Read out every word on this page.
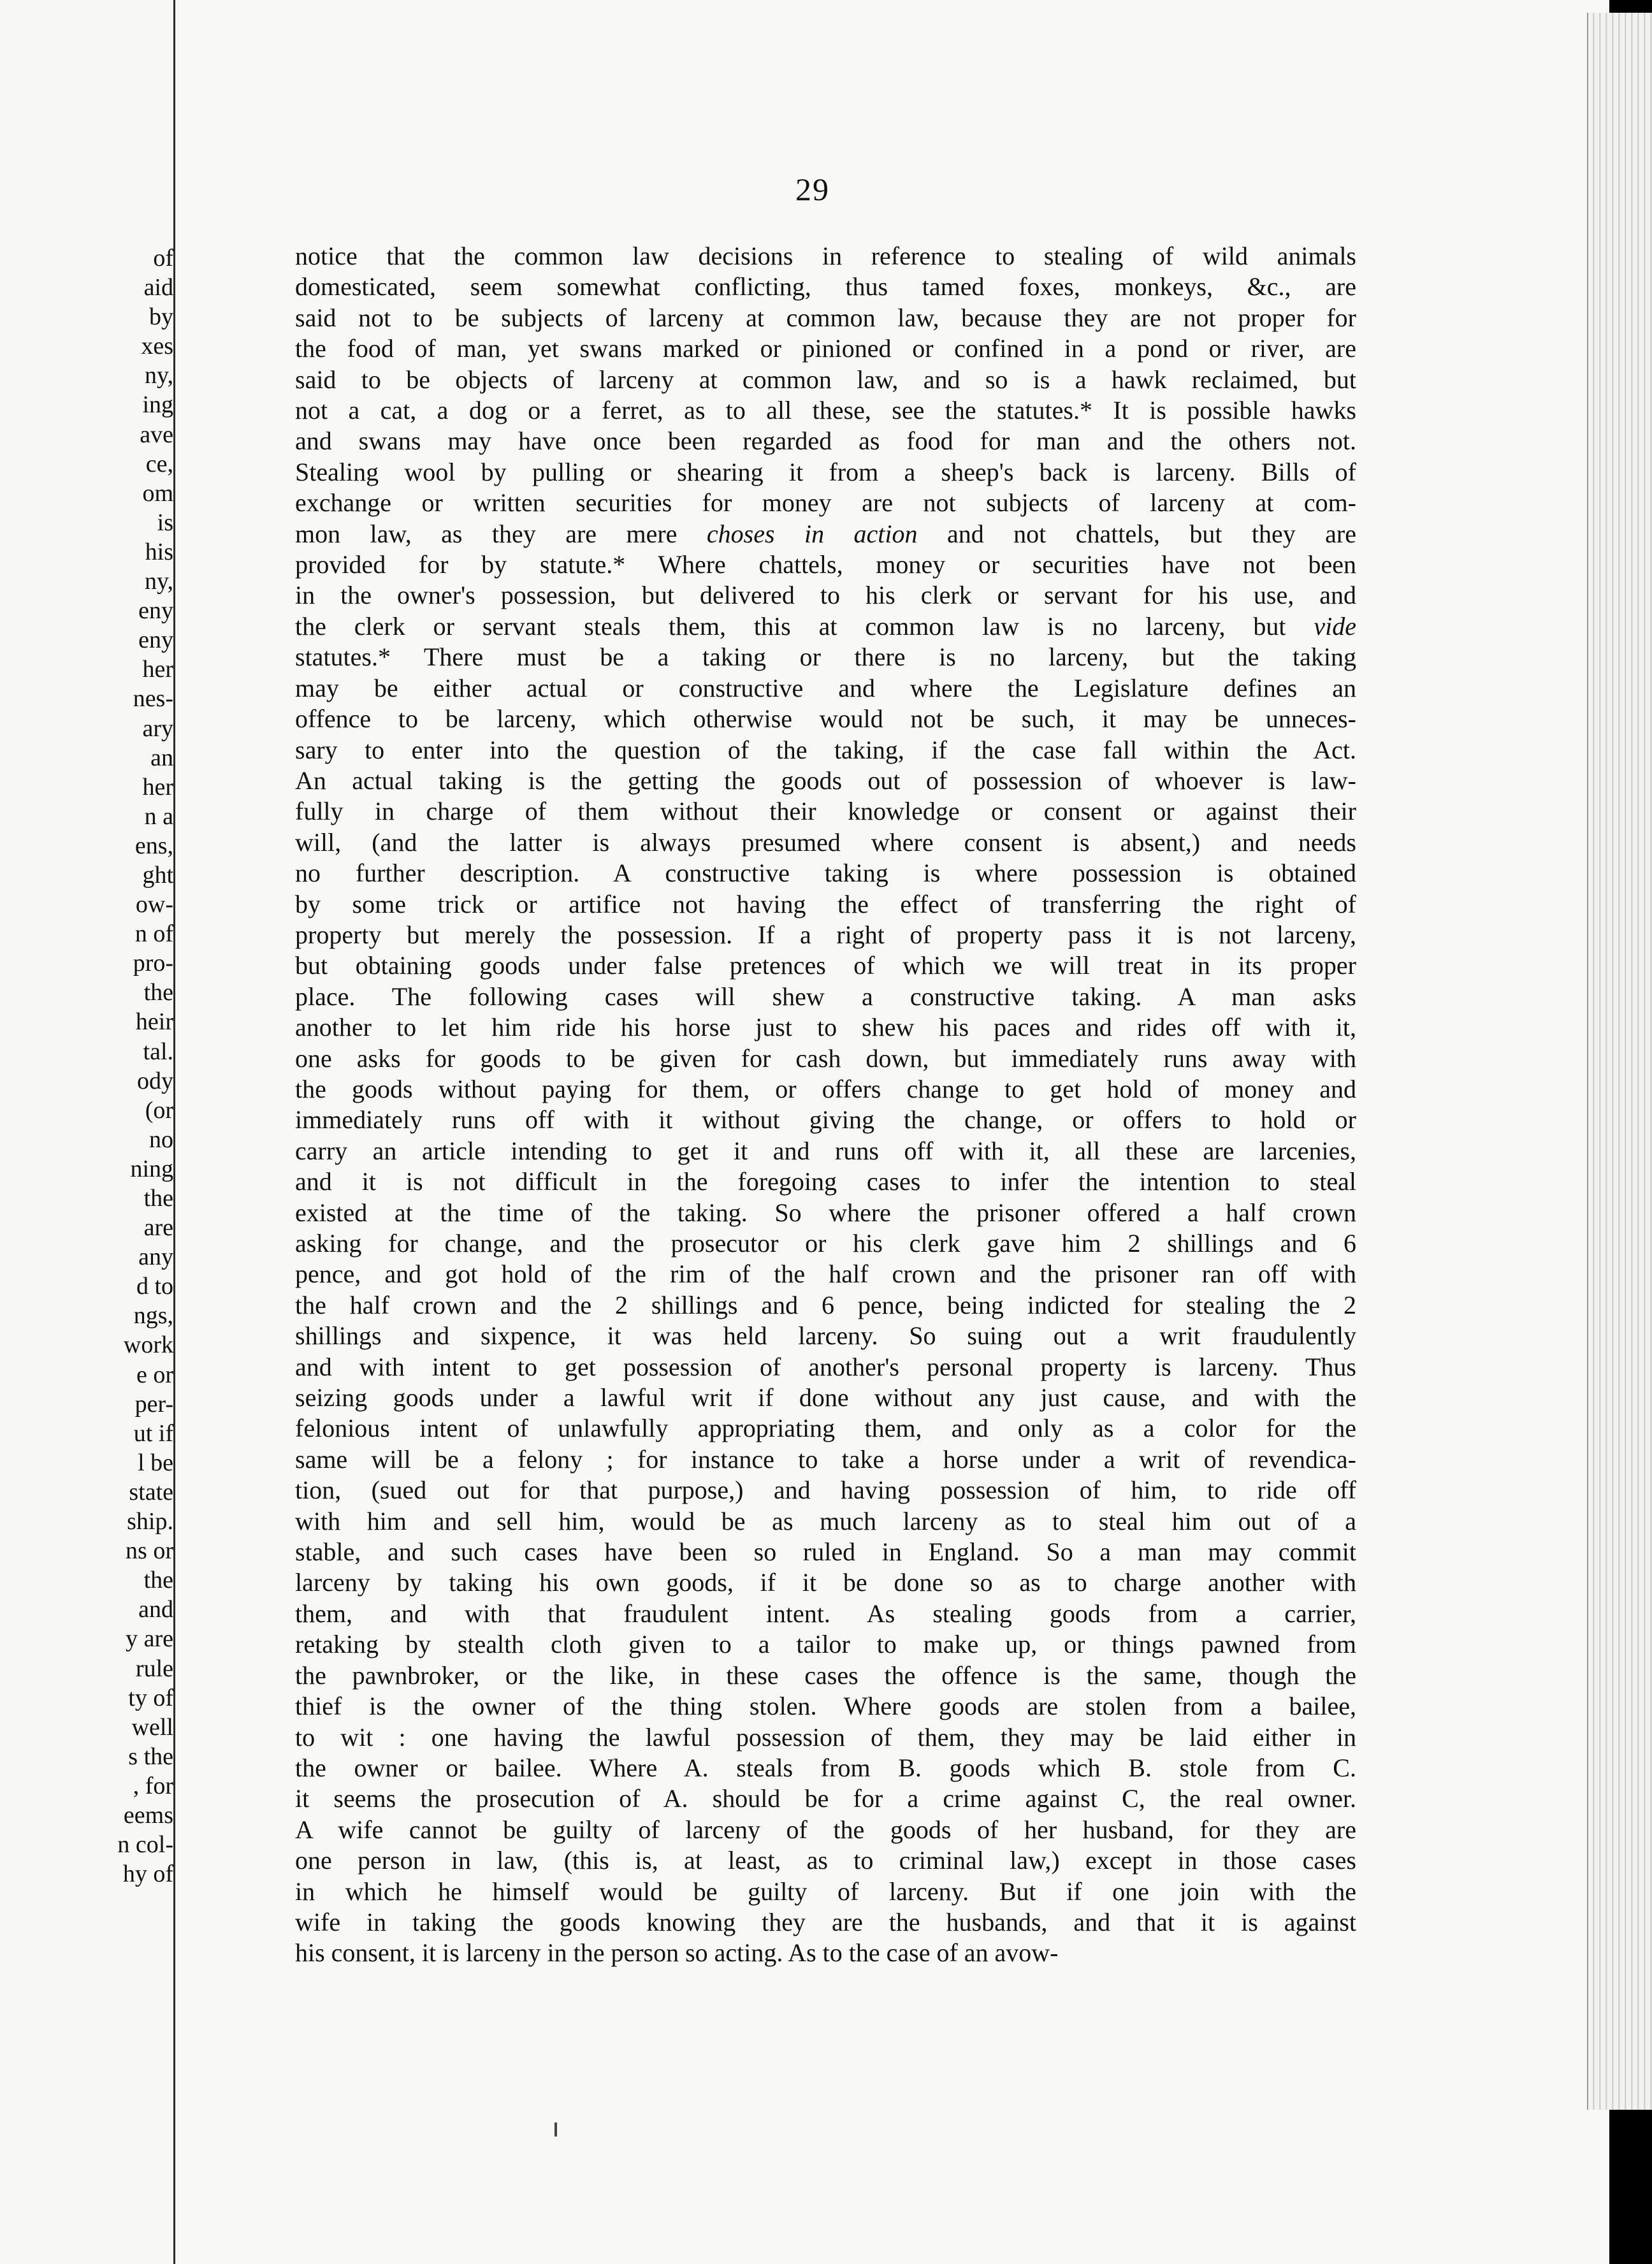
of
aid
by
xes
ny,
ing
ave
ce,
om
is
his
ny,
eny
eny
her
nes-
ary
an
her
n a
ens,
ght
ow-
n of
pro-
the
heir
tal.
ody
(or
no
ning
the
are
any
d to
ngs,
work
e or
per-
ut if
l be
state
ship.
ns or
the
and
y are
rule
ty of
well
s the
, for
eems
n col-
hy of
29
notice that the common law decisions in reference to stealing of wild animals
domesticated, seem somewhat conflicting, thus tamed foxes, monkeys, &c., are
said not to be subjects of larceny at common law, because they are not proper for
the food of man, yet swans marked or pinioned or confined in a pond or river, are
said to be objects of larceny at common law, and so is a hawk reclaimed, but
not a cat, a dog or a ferret, as to all these, see the statutes.* It is possible hawks
and swans may have once been regarded as food for man and the others not.
Stealing wool by pulling or shearing it from a sheep's back is larceny. Bills of
exchange or written securities for money are not subjects of larceny at com-
mon law, as they are mere choses in action and not chattels, but they are
provided for by statute.* Where chattels, money or securities have not been
in the owner's possession, but delivered to his clerk or servant for his use, and
the clerk or servant steals them, this at common law is no larceny, but vide
statutes.* There must be a taking or there is no larceny, but the taking
may be either actual or constructive and where the Legislature defines an
offence to be larceny, which otherwise would not be such, it may be unneces-
sary to enter into the question of the taking, if the case fall within the Act.
An actual taking is the getting the goods out of possession of whoever is law-
fully in charge of them without their knowledge or consent or against their
will, (and the latter is always presumed where consent is absent,) and needs
no further description. A constructive taking is where possession is obtained
by some trick or artifice not having the effect of transferring the right of
property but merely the possession. If a right of property pass it is not larceny,
but obtaining goods under false pretences of which we will treat in its proper
place. The following cases will shew a constructive taking. A man asks
another to let him ride his horse just to shew his paces and rides off with it,
one asks for goods to be given for cash down, but immediately runs away with
the goods without paying for them, or offers change to get hold of money and
immediately runs off with it without giving the change, or offers to hold or
carry an article intending to get it and runs off with it, all these are larcenies,
and it is not difficult in the foregoing cases to infer the intention to steal
existed at the time of the taking. So where the prisoner offered a half crown
asking for change, and the prosecutor or his clerk gave him 2 shillings and 6
pence, and got hold of the rim of the half crown and the prisoner ran off with
the half crown and the 2 shillings and 6 pence, being indicted for stealing the 2
shillings and sixpence, it was held larceny. So suing out a writ fraudulently
and with intent to get possession of another's personal property is larceny. Thus
seizing goods under a lawful writ if done without any just cause, and with the
felonious intent of unlawfully appropriating them, and only as a color for the
same will be a felony ; for instance to take a horse under a writ of revendica-
tion, (sued out for that purpose,) and having possession of him, to ride off
with him and sell him, would be as much larceny as to steal him out of a
stable, and such cases have been so ruled in England. So a man may commit
larceny by taking his own goods, if it be done so as to charge another with
them, and with that fraudulent intent. As stealing goods from a carrier,
retaking by stealth cloth given to a tailor to make up, or things pawned from
the pawnbroker, or the like, in these cases the offence is the same, though the
thief is the owner of the thing stolen. Where goods are stolen from a bailee,
to wit : one having the lawful possession of them, they may be laid either in
the owner or bailee. Where A. steals from B. goods which B. stole from C.
it seems the prosecution of A. should be for a crime against C, the real owner.
A wife cannot be guilty of larceny of the goods of her husband, for they are
one person in law, (this is, at least, as to criminal law,) except in those cases
in which he himself would be guilty of larceny. But if one join with the
wife in taking the goods knowing they are the husbands, and that it is against
his consent, it is larceny in the person so acting. As to the case of an avow-
